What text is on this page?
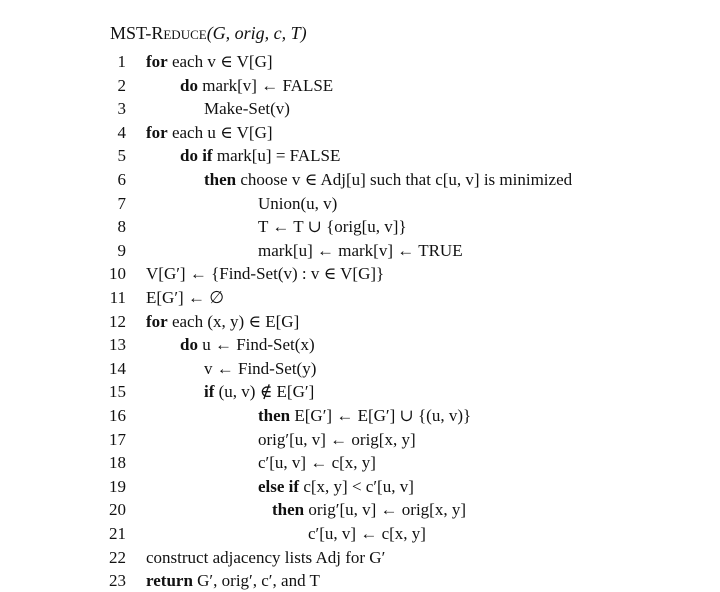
MST-Reduce(G, orig, c, T)
1 for each v ∈ V[G]
2	do mark[v] ← FALSE
3	Make-Set(v)
4 for each u ∈ V[G]
5	do if mark[u] = FALSE
6	then choose v ∈ Adj[u] such that c[u, v] is minimized
7	Union(u, v)
8	T ← T ∪ {orig[u, v]}
9	mark[u] ← mark[v] ← TRUE
10 V[G′] ← {Find-Set(v) : v ∈ V[G]}
11 E[G′] ← ∅
12 for each (x, y) ∈ E[G]
13	do u ← Find-Set(x)
14	v ← Find-Set(y)
15	if (u, v) ∉ E[G′]
16	then E[G′] ← E[G′] ∪ {(u, v)}
17	orig′[u, v] ← orig[x, y]
18	c′[u, v] ← c[x, y]
19	else if c[x, y] < c′[u, v]
20	then orig′[u, v] ← orig[x, y]
21	c′[u, v] ← c[x, y]
22 construct adjacency lists Adj for G′
23 return G′, orig′, c′, and T
